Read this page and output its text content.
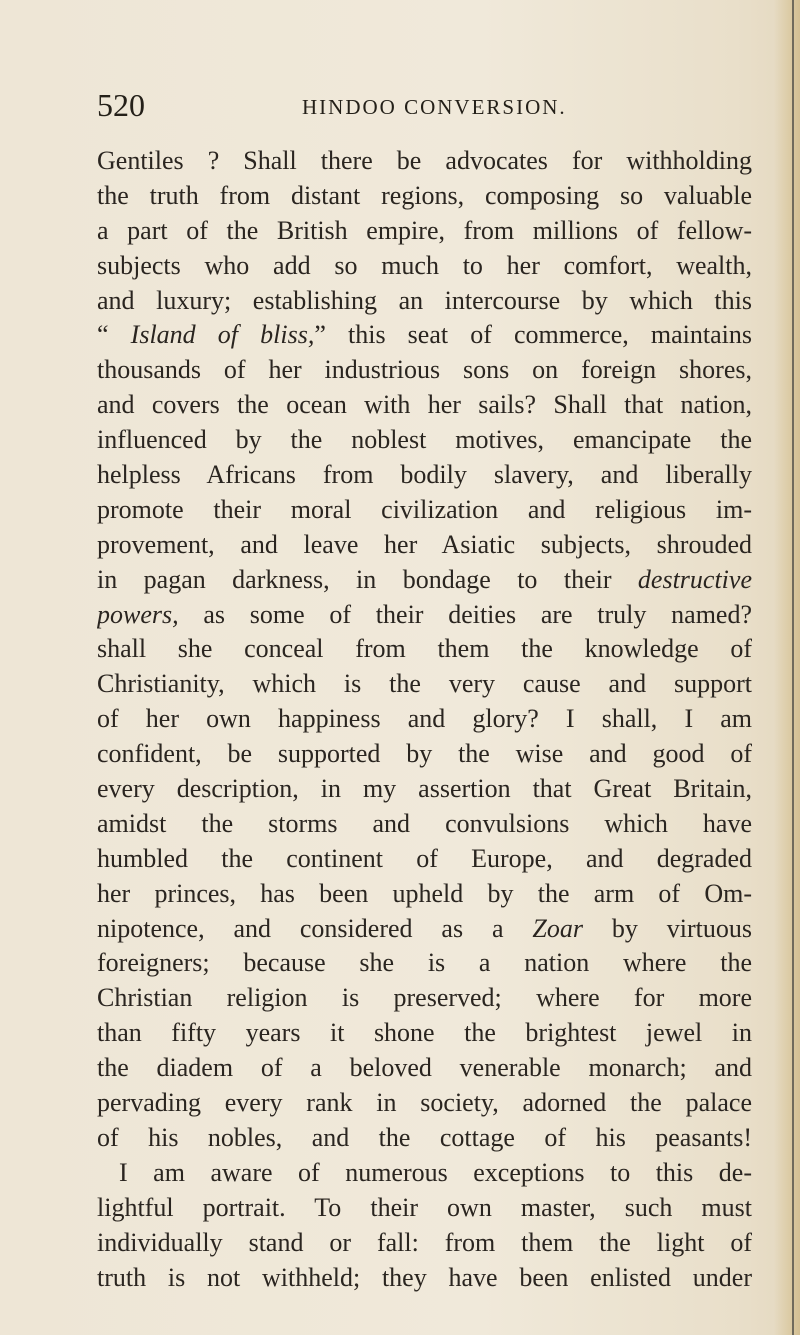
520	HINDOO CONVERSION.
Gentiles ? Shall there be advocates for withholding
the truth from distant regions, composing so valuable
a part of the British empire, from millions of fellow-
subjects who add so much to her comfort, wealth,
and luxury; establishing an intercourse by which this
“ Island of bliss,” this seat of commerce, maintains
thousands of her industrious sons on foreign shores,
and covers the ocean with her sails? Shall that nation,
influenced by the noblest motives, emancipate the
helpless Africans from bodily slavery, and liberally
promote their moral civilization and religious im-
provement, and leave her Asiatic subjects, shrouded
in pagan darkness, in bondage to their destructive
powers, as some of their deities are truly named?
shall she conceal from them the knowledge of
Christianity, which is the very cause and support
of her own happiness and glory? I shall, I am
confident, be supported by the wise and good of
every description, in my assertion that Great Britain,
amidst the storms and convulsions which have
humbled the continent of Europe, and degraded
her princes, has been upheld by the arm of Om-
nipotence, and considered as a Zoar by virtuous
foreigners; because she is a nation where the
Christian religion is preserved; where for more
than fifty years it shone the brightest jewel in
the diadem of a beloved venerable monarch; and
pervading every rank in society, adorned the palace
of his nobles, and the cottage of his peasants!
I am aware of numerous exceptions to this de-
lightful portrait. To their own master, such must
individually stand or fall: from them the light of
truth is not withheld; they have been enlisted under
